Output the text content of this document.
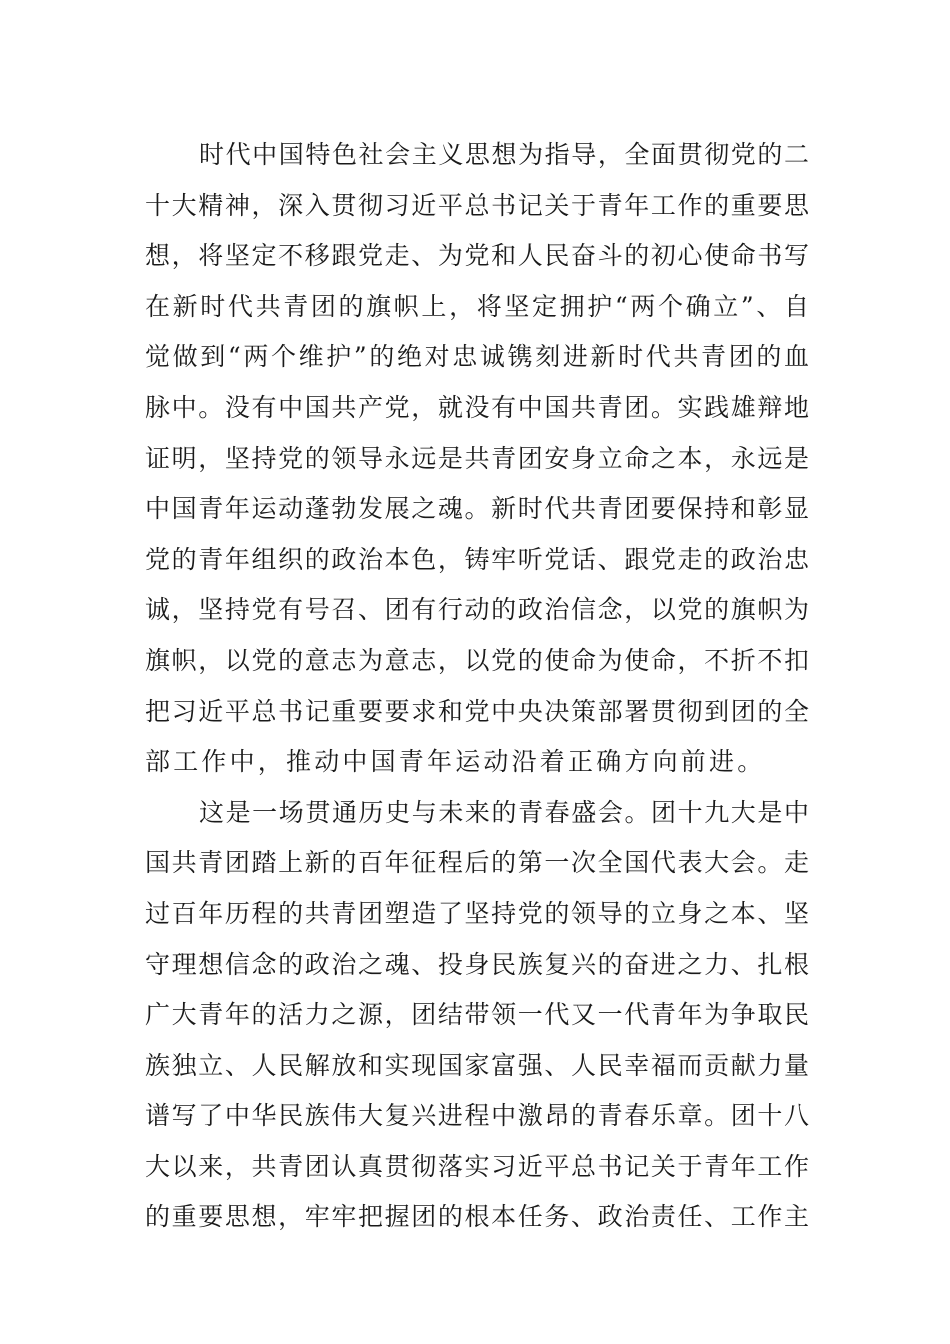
时代中国特色社会主义思想为指导，全面贯彻党的二
十大精神，深入贯彻习近平总书记关于青年工作的重要思
想，将坚定不移跟党走、为党和人民奋斗的初心使命书写
在新时代共青团的旗帜上，将坚定拥护“两个确立”、自
觉做到“两个维护”的绝对忠诚镌刻进新时代共青团的血
脉中。没有中国共产党，就没有中国共青团。实践雄辩地
证明，坚持党的领导永远是共青团安身立命之本，永远是
中国青年运动蓬勃发展之魂。新时代共青团要保持和彰显
党的青年组织的政治本色，铸牢听党话、跟党走的政治忠
诚，坚持党有号召、团有行动的政治信念，以党的旗帜为
旗帜，以党的意志为意志，以党的使命为使命，不折不扣
把习近平总书记重要要求和党中央决策部署贯彻到团的全
部工作中，推动中国青年运动沿着正确方向前进。
这是一场贯通历史与未来的青春盛会。团十九大是中
国共青团踏上新的百年征程后的第一次全国代表大会。走
过百年历程的共青团塑造了坚持党的领导的立身之本、坚
守理想信念的政治之魂、投身民族复兴的奋进之力、扎根
广大青年的活力之源，团结带领一代又一代青年为争取民
族独立、人民解放和实现国家富强、人民幸福而贡献力量
谱写了中华民族伟大复兴进程中激昂的青春乐章。团十八
大以来，共青团认真贯彻落实习近平总书记关于青年工作
的重要思想，牢牢把握团的根本任务、政治责任、工作主
